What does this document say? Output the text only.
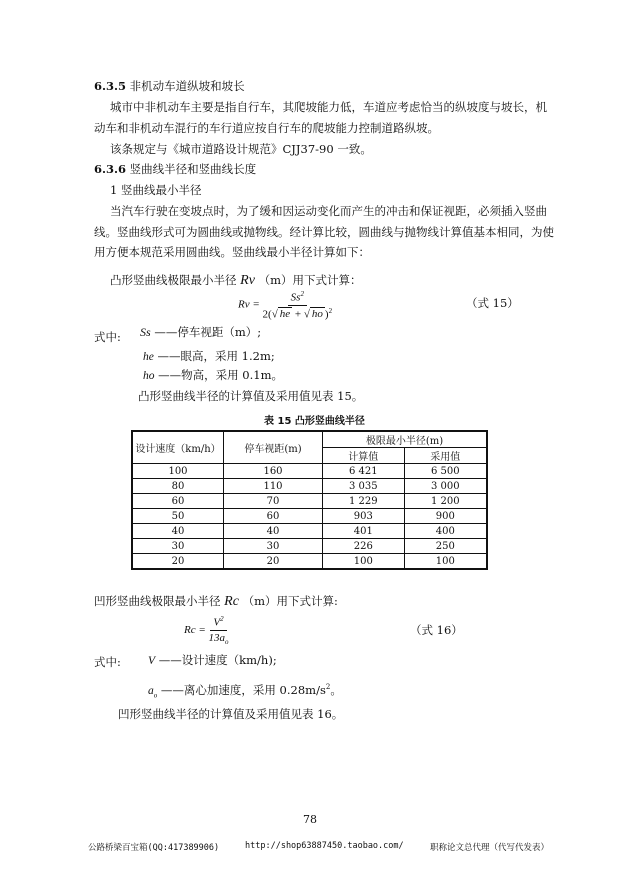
6.3.5 非机动车道纵坡和坡长
城市中非机动车主要是指自行车，其爬坡能力低，车道应考虑恰当的纵坡度与坡长，机
动车和非机动车混行的车行道应按自行车的爬坡能力控制道路纵坡。
该条规定与《城市道路设计规范》CJJ37-90 一致。
6.3.6 竖曲线半径和竖曲线长度
1 竖曲线最小半径
当汽车行驶在变坡点时，为了缓和因运动变化而产生的冲击和保证视距，必须插入竖曲
线。竖曲线形式可为圆曲线或抛物线。经计算比较，圆曲线与抛物线计算值基本相同，为使
用方便本规范采用圆曲线。竖曲线最小半径计算如下：
凸形竖曲线极限最小半径 Rv （m）用下式计算：
$Rv = \frac{Ss^2}{2(√ he + √ ho )^2}$	（式 15）
式中: Ss ——停车视距（m）;
he ——眼高，采用 1.2m;
ho ——物高，采用 0.1m。
凸形竖曲线半径的计算值及采用值见表 15。
表 15 凸形竖曲线半径
设计速度（km/h）	停车视距(m)	极限最小半径(m)	
		计算值	采用值
100	160	6 421	6 500
80	110	3 035	3 000
60	70	1 229	1 200
50	60	903	900
40	40	401	400
30	30	226	250
20	20	100	100
凹形竖曲线极限最小半径 Rc （m）用下式计算:
$Rc = \frac{V^2}{13a_o}$	（式 16）
式中: V ——设计速度（km/h);
$a_o$ ——离心加速度，采用 $0.28m/s^2$。
凹形竖曲线半径的计算值及采用值见表 16。
78
公路桥梁百宝箱(QQ:417389906)	http://shop63887450.taobao.com/	职称论文总代理（代写代发表）
